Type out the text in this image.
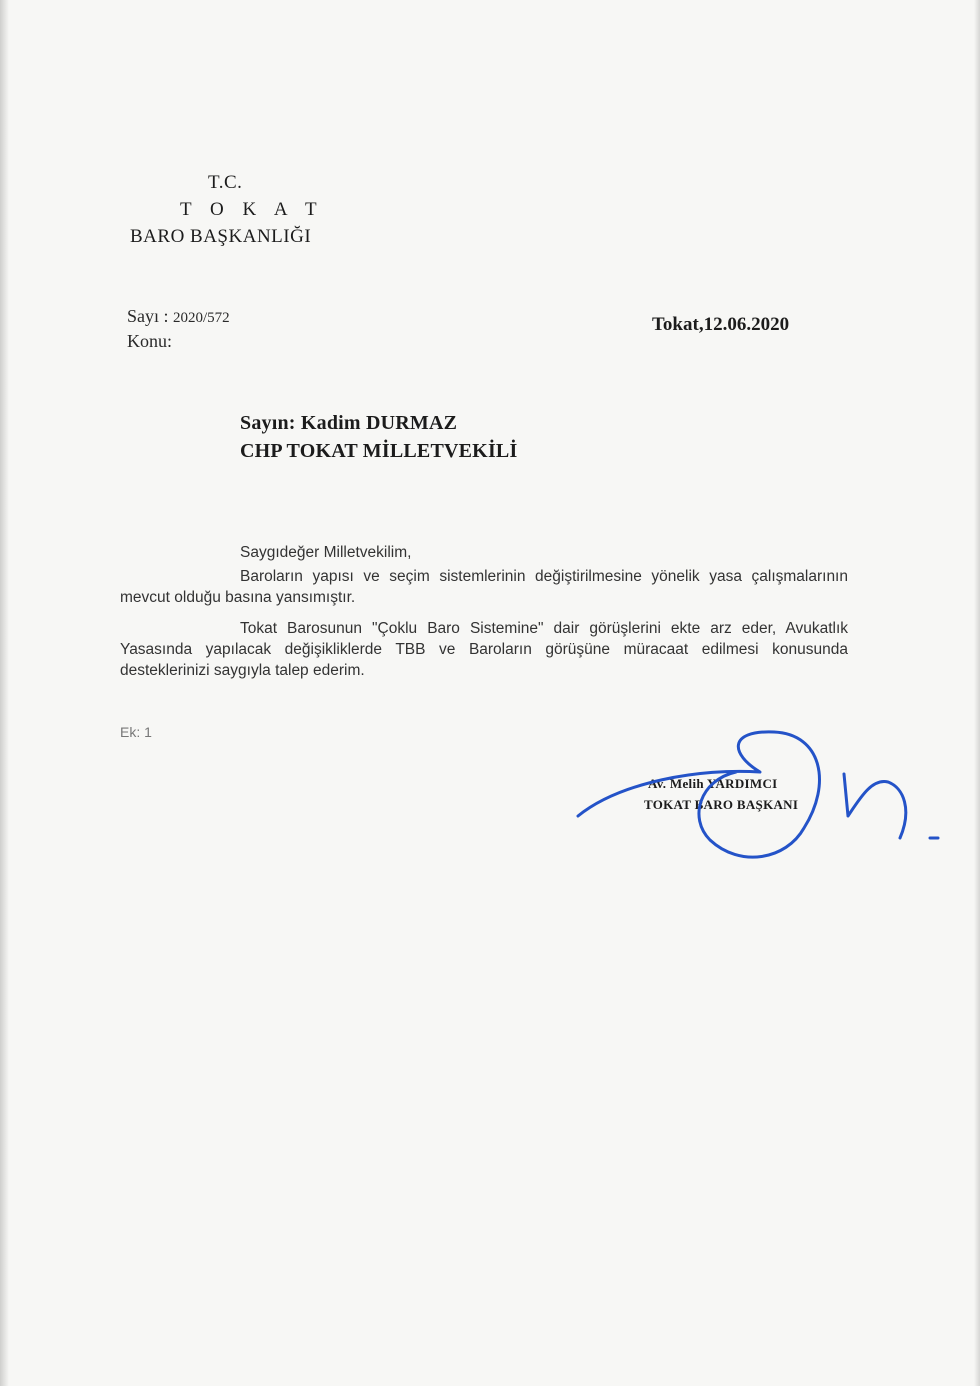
T.C.
T O K A T
BARO BAŞKANLIĞI
Sayı : 2020/572
Konu:
Tokat,12.06.2020
Sayın: Kadim DURMAZ
CHP TOKAT MİLLETVEKİLİ
Saygıdeğer Milletvekilim,
Baroların yapısı ve seçim sistemlerinin değiştirilmesine yönelik yasa çalışmalarının mevcut olduğu basına yansımıştır.
Tokat Barosunun "Çoklu Baro Sistemine" dair görüşlerini ekte arz eder, Avukatlık Yasasında yapılacak değişikliklerde TBB ve Baroların görüşüne müracaat edilmesi konusunda desteklerinizi saygıyla talep ederim.
Ek: 1
Av. Melih YARDIMCI
TOKAT BARO BAŞKANI
